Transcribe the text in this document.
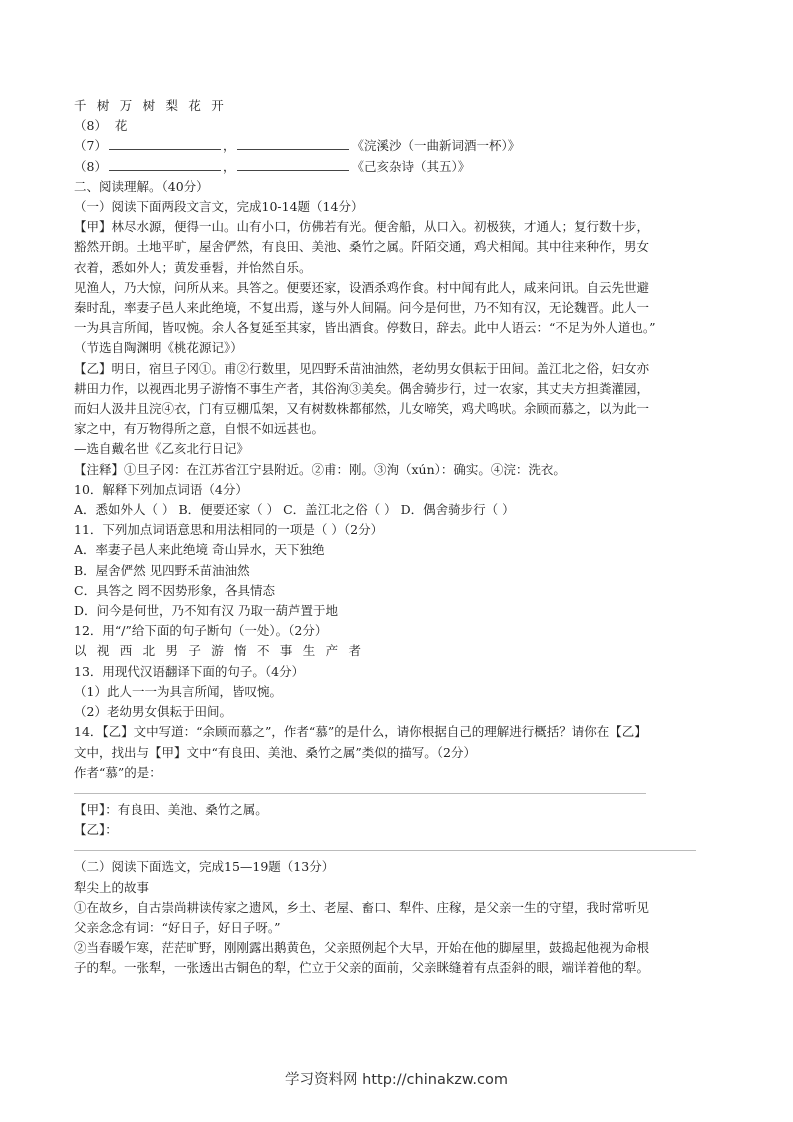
千 树 万 树 梨 花 开

（8）  花

（7）	，	《浣溪沙（一曲新词酒一杯）》

（8）	，	《己亥杂诗（其五）》

二、阅读理解。（40分）

（一）阅读下面两段文言文，完成10-14题（14分）

【甲】林尽水源，便得一山。山有小口，仿佛若有光。便舍船，从口入。初极狭，才通人；复行数十步，

豁然开朗。土地平旷，屋舍俨然，有良田、美池、桑竹之属。阡陌交通，鸡犬相闻。其中往来种作，男女

衣着，悉如外人；黄发垂髫，并怡然自乐。

见渔人，乃大惊，问所从来。具答之。便要还家，设酒杀鸡作食。村中闻有此人，咸来问讯。自云先世避

秦时乱，率妻子邑人来此绝境，不复出焉，遂与外人间隔。问今是何世，乃不知有汉，无论魏晋。此人一

一为具言所闻，皆叹惋。余人各复延至其家，皆出酒食。停数日，辞去。此中人语云：“不足为外人道也。”

（节选自陶渊明《桃花源记》）

【乙】明日，宿旦子冈①。甫②行数里，见四野禾苗油油然，老幼男女俱耘于田间。盖江北之俗，妇女亦

耕田力作，以视西北男子游惰不事生产者，其俗洵③美矣。偶舍骑步行，过一农家，其丈夫方担粪灌园，

而妇人汲井且浣④衣，门有豆棚瓜架，又有树数株都郁然，儿女啼笑，鸡犬鸣吠。余顾而慕之，以为此一

家之中，有万物得所之意，自恨不如远甚也。

—选自戴名世《乙亥北行日记》

【注释】①旦子冈：在江苏省江宁县附近。②甫：刚。③洵（xún）：确实。④浣：洗衣。

10．解释下列加点词语（4分）

A．悉如外人（ ） B．便要还家（ ） C．盖江北之俗（ ） D．偶舍骑步行（ ）

11．下列加点词语意思和用法相同的一项是（ ）（2分）

A．率妻子邑人来此绝境 奇山异水，天下独绝

B．屋舍俨然 见四野禾苗油油然

C．具答之 罔不因势形象，各具情态

D．问今是何世，乃不知有汉 乃取一葫芦置于地

12．用“/”给下面的句子断句（一处）。（2分）

以 视 西 北 男 子 游 惰 不 事 生 产 者

13．用现代汉语翻译下面的句子。（4分）

（1）此人一一为具言所闻，皆叹惋。

（2）老幼男女俱耘于田间。

14．【乙】文中写道：“余顾而慕之”，作者“慕”的是什么，请你根据自己的理解进行概括？请你在【乙】

文中，找出与【甲】文中“有良田、美池、桑竹之属”类似的描写。（2分）

作者“慕”的是：

【甲】：有良田、美池、桑竹之属。

【乙】：

（二）阅读下面选文，完成15—19题（13分）

犁尖上的故事

①在故乡，自古崇尚耕读传家之遗风，乡土、老屋、畜口、犁件、庄稼，是父亲一生的守望，我时常听见

父亲念念有词：“好日子，好日子呀。”

②当春暖乍寒，茫茫旷野，刚刚露出鹅黄色，父亲照例起个大早，开始在他的脚屋里，鼓捣起他视为命根

子的犁。一张犁，一张透出古铜色的犁，伫立于父亲的面前，父亲眯缝着有点歪斜的眼，端详着他的犁。

学习资料网 http://chinakzw.com
